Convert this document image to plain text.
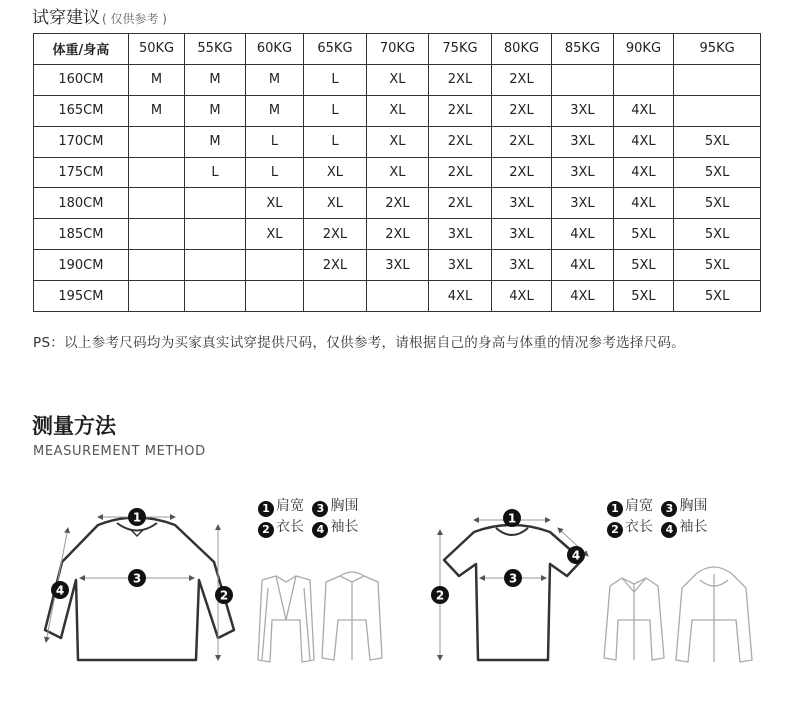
试穿建议 ( 仅供参考 )
体重/身高	50KG	55KG	60KG	65KG	70KG	75KG	80KG	85KG	90KG	95KG
160CM	M	M	M	L	XL	2XL	2XL			
165CM	M	M	M	L	XL	2XL	2XL	3XL	4XL	
170CM		M	L	L	XL	2XL	2XL	3XL	4XL	5XL
175CM		L	L	XL	XL	2XL	2XL	3XL	4XL	5XL
180CM			XL	XL	2XL	2XL	3XL	3XL	4XL	5XL
185CM			XL	2XL	2XL	3XL	3XL	4XL	5XL	5XL
190CM				2XL	3XL	3XL	3XL	4XL	5XL	5XL
195CM						4XL	4XL	4XL	5XL	5XL
PS：以上参考尺码均为买家真实试穿提供尺码，仅供参考，请根据自己的身高与体重的情况参考选择尺码。
测量方法
MEASUREMENT METHOD
1
3
2
4
1
3
2
4
1 肩宽 3 胸围
2 衣长 4 袖长
1 肩宽 3 胸围
2 衣长 4 袖长
